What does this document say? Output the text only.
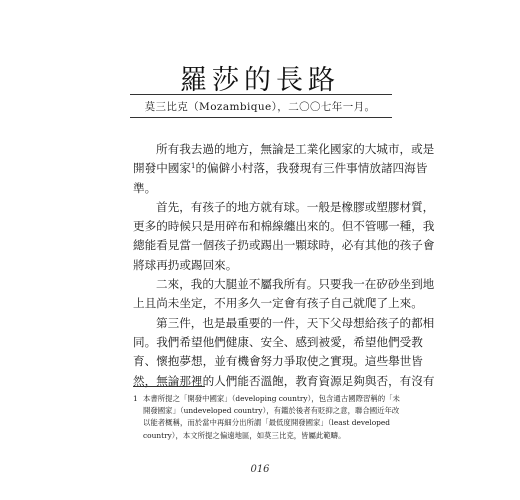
羅莎的長路
莫三比克（Mozambique），二〇〇七年一月。
所有我去過的地方，無論是工業化國家的大城市，或是
開發中國家$^1$的偏僻小村落，我發現有三件事情放諸四海皆
準。
首先，有孩子的地方就有球。一般是橡膠或塑膠材質，
更多的時候只是用碎布和棉線纏出來的。但不管哪一種，我
總能看見當一個孩子扔或踢出一顆球時，必有其他的孩子會
將球再扔或踢回來。
二來，我的大腿並不屬我所有。只要我一在矽砂坐到地
上且尚未坐定，不用多久一定會有孩子自己就爬了上來。
第三件，也是最重要的一件，天下父母想給孩子的都相
同。我們希望他們健康、安全、感到被愛，希望他們受教
育、懷抱夢想，並有機會努力爭取使之實現。這些舉世皆
然，無論那裡的人們能否溫飽，教育資源足夠與否，有沒有
1 本書所提之「開發中國家」（developing country），包含通古國際習稱的「未
開發國家」（undeveloped country），有鑑於後者有貶抑之意，聯合國近年改
以能者概稱，而於當中再細分出所謂「最低度開發國家」（least developed
country），本文所提之偏遠地區，如莫三比克，皆屬此範疇。
016
